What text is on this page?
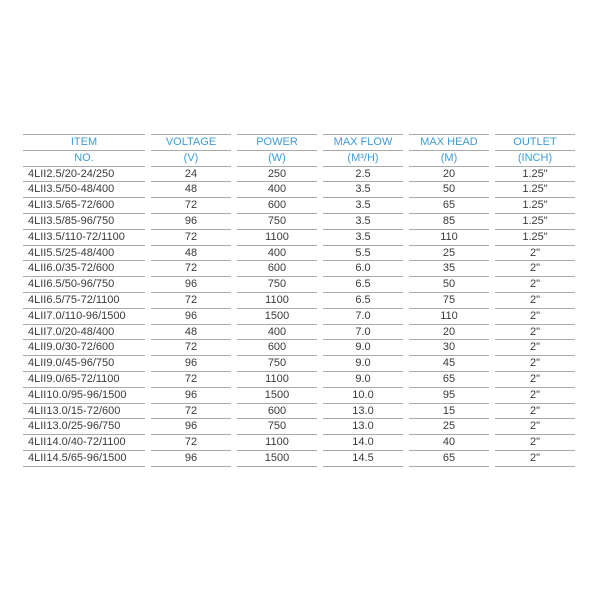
ITEM	VOLTAGE	POWER	MAX FLOW	MAX HEAD	OUTLET
NO.	(V)	(W)	(M³/H)	(M)	(INCH)
4LII2.5/20-24/250	24	250	2.5	20	1.25"
4LII3.5/50-48/400	48	400	3.5	50	1.25"
4LII3.5/65-72/600	72	600	3.5	65	1.25"
4LII3.5/85-96/750	96	750	3.5	85	1.25"
4LII3.5/110-72/1100	72	1100	3.5	110	1.25"
4LII5.5/25-48/400	48	400	5.5	25	2"
4LII6.0/35-72/600	72	600	6.0	35	2"
4LII6.5/50-96/750	96	750	6.5	50	2"
4LII6.5/75-72/1100	72	1100	6.5	75	2"
4LII7.0/110-96/1500	96	1500	7.0	110	2"
4LII7.0/20-48/400	48	400	7.0	20	2"
4LII9.0/30-72/600	72	600	9.0	30	2"
4LII9.0/45-96/750	96	750	9.0	45	2"
4LII9.0/65-72/1100	72	1100	9.0	65	2"
4LII10.0/95-96/1500	96	1500	10.0	95	2"
4LII13.0/15-72/600	72	600	13.0	15	2"
4LII13.0/25-96/750	96	750	13.0	25	2"
4LII14.0/40-72/1100	72	1100	14.0	40	2"
4LII14.5/65-96/1500	96	1500	14.5	65	2"
